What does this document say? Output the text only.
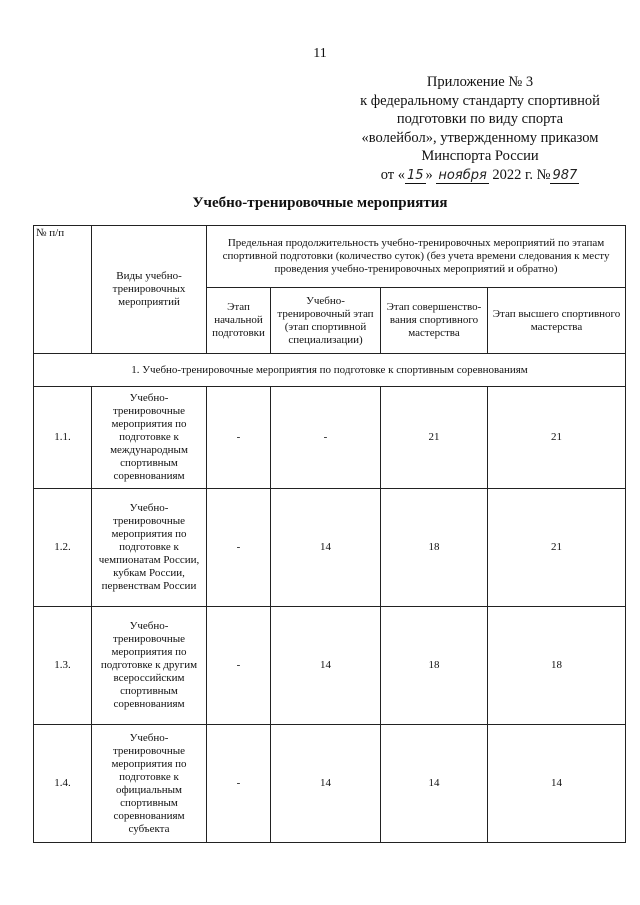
11
Приложение № 3
к федеральному стандарту спортивной
подготовки по виду спорта
«волейбол», утвержденному приказом
Минспорта России
от « 15 » ноября 2022 г. № 987
Учебно-тренировочные мероприятия
№ п/п	Виды учебно-тренировочных мероприятий	Предельная продолжительность учебно-тренировочных мероприятий по этапам спортивной подготовки (количество суток) (без учета времени следования к месту проведения учебно-тренировочных мероприятий и обратно)			
		Этап начальной подготовки	Учебно-тренировочный этап (этап спортивной специализации)	Этап совершенство-вания спортивного мастерства	Этап высшего спортивного мастерства
1. Учебно-тренировочные мероприятия по подготовке к спортивным соревнованиям					
1.1.	Учебно-тренировочные мероприятия по подготовке к международным спортивным соревнованиям	-	-	21	21
1.2.	Учебно-тренировочные мероприятия по подготовке к чемпионатам России, кубкам России, первенствам России	-	14	18	21
1.3.	Учебно-тренировочные мероприятия по подготовке к другим всероссийским спортивным соревнованиям	-	14	18	18
1.4.	Учебно-тренировочные мероприятия по подготовке к официальным спортивным соревнованиям субъекта	-	14	14	14
